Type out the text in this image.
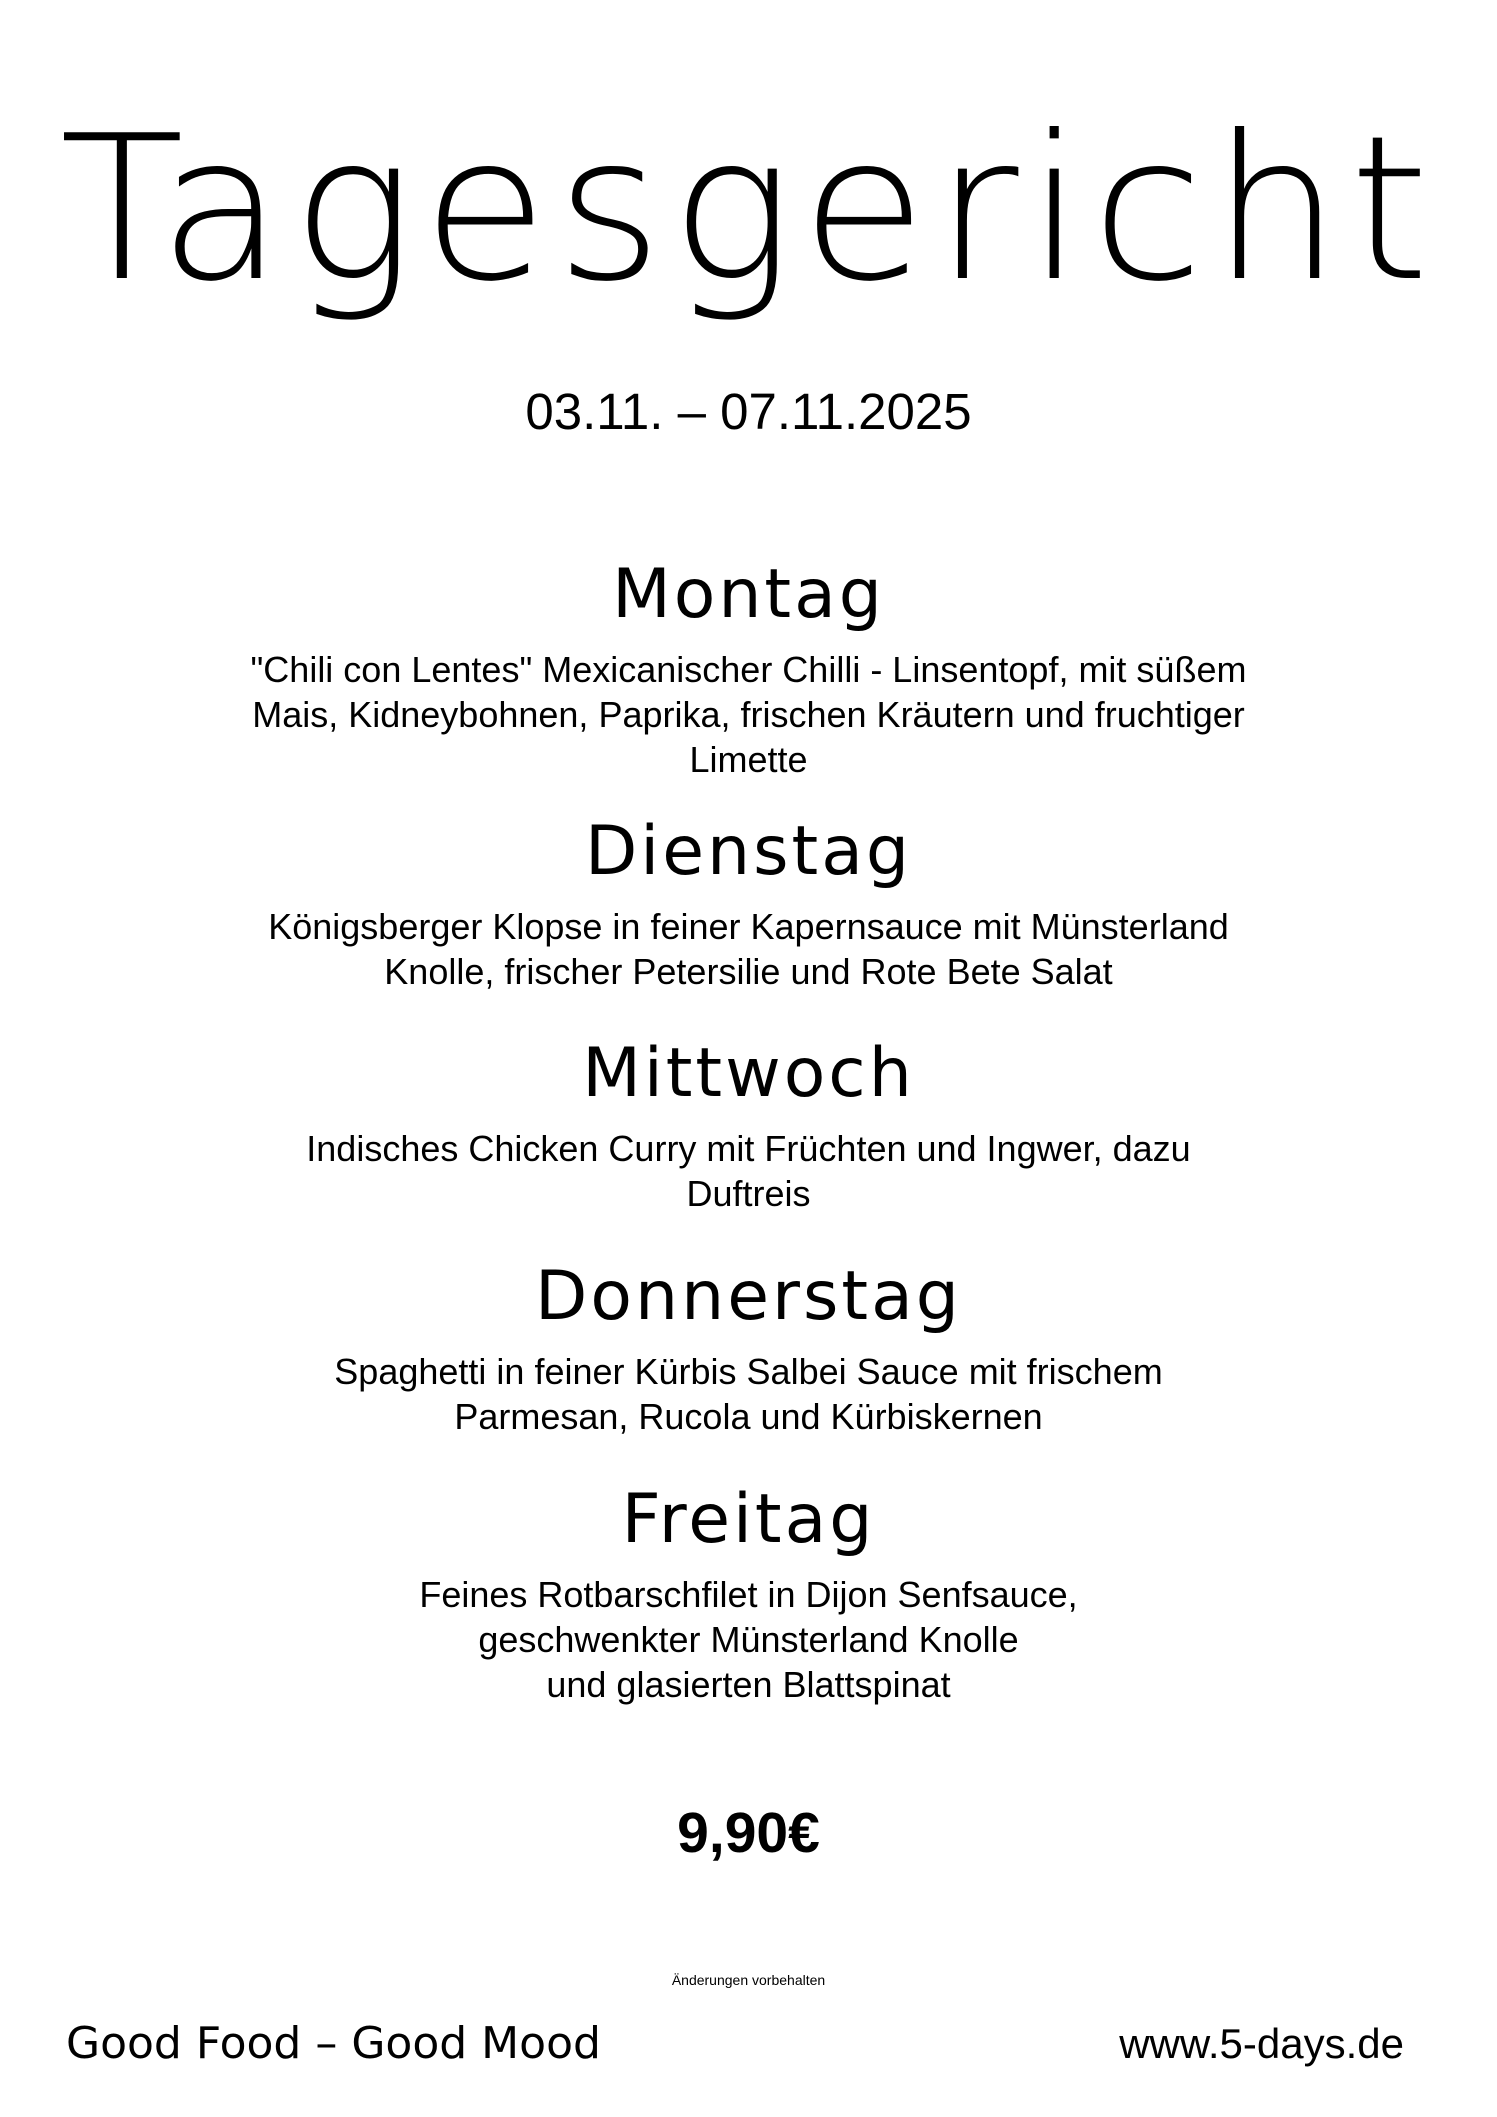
Tagesgericht
03.11. – 07.11.2025
Montag
"Chili con Lentes" Mexicanischer Chilli - Linsentopf, mit süßem
Mais, Kidneybohnen, Paprika, frischen Kräutern und fruchtiger
Limette
Dienstag
Königsberger Klopse in feiner Kapernsauce mit Münsterland
Knolle, frischer Petersilie und Rote Bete Salat
Mittwoch
Indisches Chicken Curry mit Früchten und Ingwer, dazu
Duftreis
Donnerstag
Spaghetti in feiner Kürbis Salbei Sauce mit frischem
Parmesan, Rucola und Kürbiskernen
Freitag
Feines Rotbarschfilet in Dijon Senfsauce,
geschwenkter Münsterland Knolle
und glasierten Blattspinat
9,90€
Änderungen vorbehalten
Good Food – Good Mood	www.5-days.de
